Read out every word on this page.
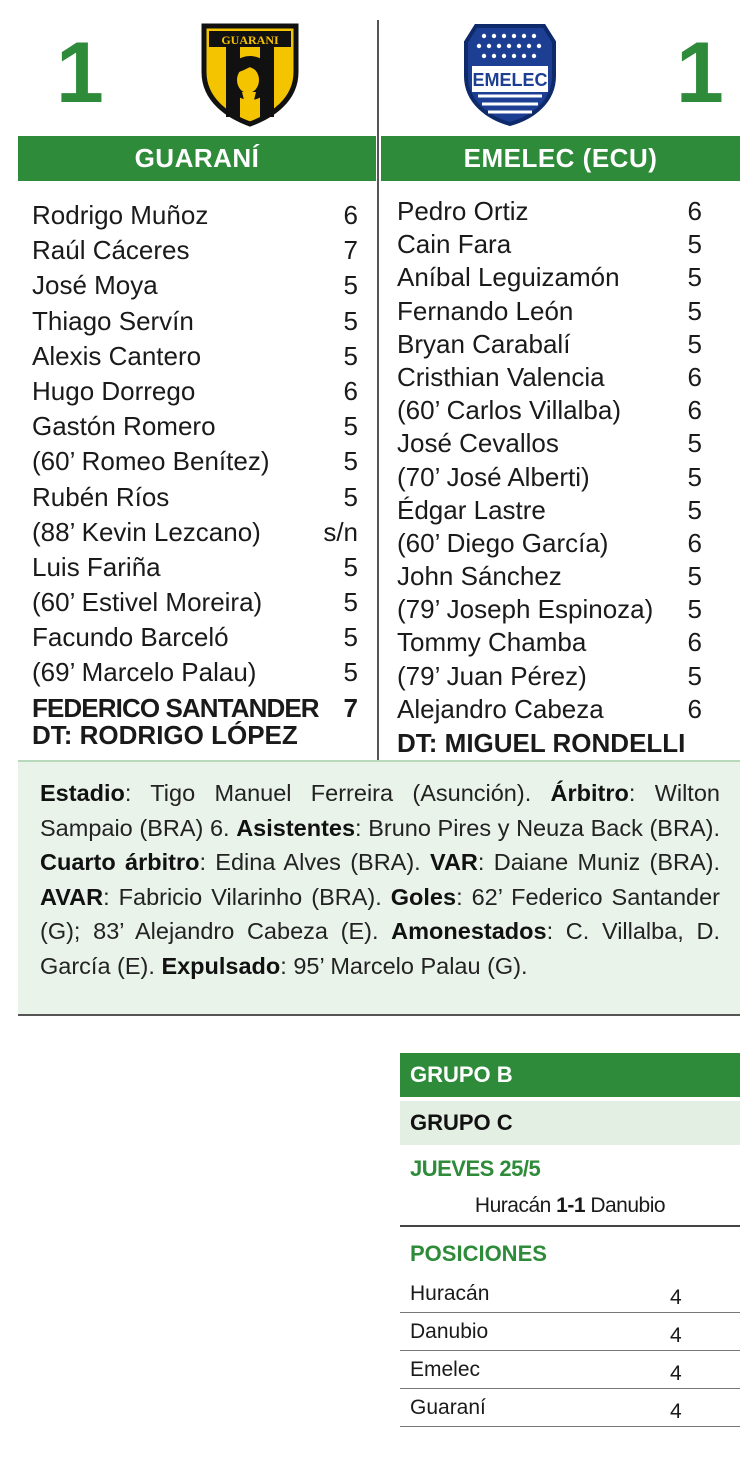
1	1
GUARANI
EMELEC
GUARANÍ	EMELEC (ECU)
Rodrigo Muñoz	6
Raúl Cáceres	7
José Moya	5
Thiago Servín	5
Alexis Cantero	5
Hugo Dorrego	6
Gastón Romero	5
(60’ Romeo Benítez)	5
Rubén Ríos	5
(88’ Kevin Lezcano) s/n
Luis Fariña	5
(60’ Estivel Moreira)	5
Facundo Barceló	5
(69’ Marcelo Palau)	5
FEDERICO SANTANDER 7
DT: RODRIGO LÓPEZ
Pedro Ortiz	6
Cain Fara	5
Aníbal Leguizamón	5
Fernando León	5
Bryan Carabalí	5
Cristhian Valencia	6
(60’ Carlos Villalba)	6
José Cevallos	5
(70’ José Alberti)	5
Édgar Lastre	5
(60’ Diego García)	6
John Sánchez	5
(79’ Joseph Espinoza) 5
Tommy Chamba	6
(79’ Juan Pérez)	5
Alejandro Cabeza	6
DT: MIGUEL RONDELLI
Estadio: Tigo Manuel Ferreira (Asunción). Árbitro: Wilton Sampaio (BRA) 6. Asistentes: Bruno Pires y Neuza Back (BRA). Cuarto árbitro: Edina Alves (BRA). VAR: Daiane Muniz (BRA). AVAR: Fabricio Vilarinho (BRA). Goles: 62’ Federico Santander (G); 83’ Alejandro Cabeza (E). Amonestados: C. Villalba, D. García (E). Expulsado: 95’ Marcelo Palau (G).
GRUPO B
GRUPO C
JUEVES 25/5
Huracán 1-1 Danubio
POSICIONES
Huracán	4
Danubio	4
Emelec	4
Guaraní	4
